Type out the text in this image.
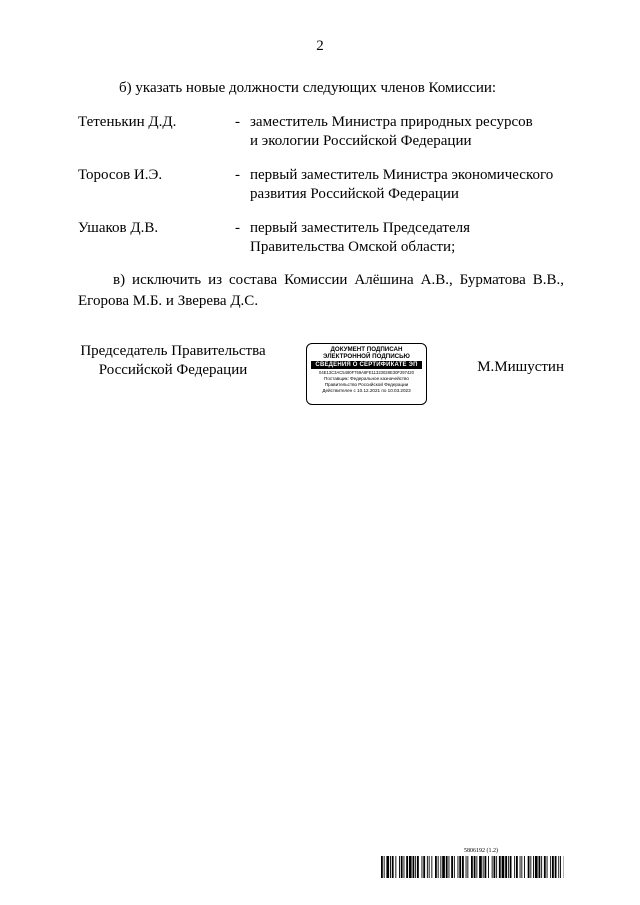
2
б) указать новые должности следующих членов Комиссии:
Тетенькин Д.Д.	- заместитель Министра природных ресурсов
и экологии Российской Федерации
Торосов И.Э.	- первый заместитель Министра экономического
развития Российской Федерации
Ушаков Д.В.	- первый заместитель Председателя
Правительства Омской области;
в) исключить из состава Комиссии Алёшина А.В., Бурматова В.В., Егорова М.Б. и Зверева Д.С.
Председатель Правительства
Российской Федерации
ДОКУМЕНТ ПОДПИСАН
ЭЛЕКТРОННОЙ ПОДПИСЬЮ
СВЕДЕНИЯ О СЕРТИФИКАТЕ ЭП
04E13C3AC5490F759A8FE11323028E30F297420
Поставщик: Федеральное казначейство
Правительство Российской Федерации
Действителен с 10.12.2021 по 10.03.2023
М.Мишустин
5806192 (1.2)
